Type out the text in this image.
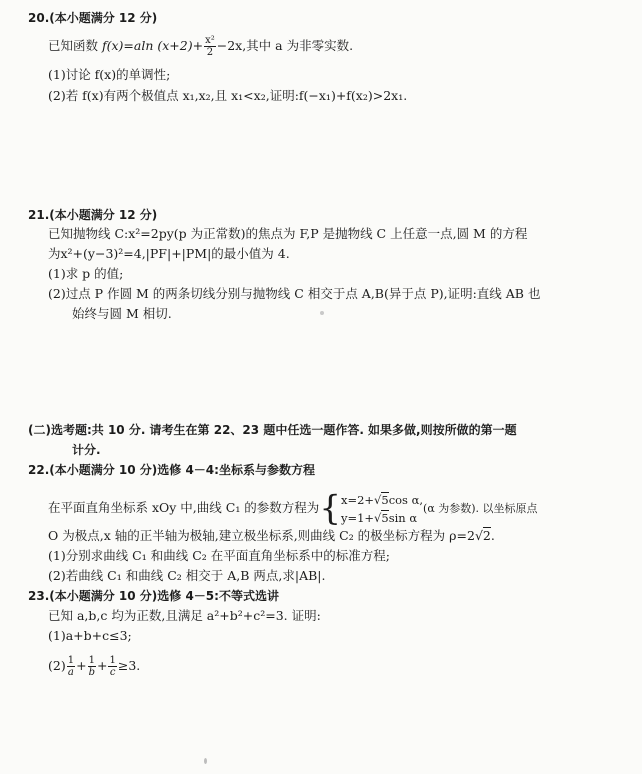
20.(本小题满分 12 分)
已知函数 f(x)=aln $(x+2)+ \frac{\text{x²}}{2} -2x$,其中 a 为非零实数.
(1)讨论 f(x)的单调性;
(2)若 f(x)有两个极值点 x₁,x₂,且 x₁<x₂,证明:f(−x₁)+f(x₂)>2x₁.
21.(本小题满分 12 分)
已知抛物线 C:x²=2py(p 为正常数)的焦点为 F,P 是抛物线 C 上任意一点,圆 M 的方程
为x²+(y−3)²=4,|PF|+|PM|的最小值为 4.
(1)求 p 的值;
(2)过点 P 作圆 M 的两条切线分别与抛物线 C 相交于点 A,B(异于点 P),证明:直线 AB 也
始终与圆 M 相切.
(二)选考题:共 10 分. 请考生在第 22、23 题中任选一题作答. 如果多做,则按所做的第一题
计分.
22.(本小题满分 10 分)选修 4－4:坐标系与参数方程
在平面直角坐标系 xOy 中,曲线 C₁ 的参数方程为{ x=2+√5cos α,
y=1+√5sin α
(α 为参数). 以坐标原点
O 为极点,x 轴的正半轴为极轴,建立极坐标系,则曲线 C₂ 的极坐标方程为 ρ=2√2.
(1)分别求曲线 C₁ 和曲线 C₂ 在平面直角坐标系中的标准方程;
(2)若曲线 C₁ 和曲线 C₂ 相交于 A,B 两点,求|AB|.
23.(本小题满分 10 分)选修 4－5:不等式选讲
已知 a,b,c 均为正数,且满足 a²+b²+c²=3. 证明:
(1)a+b+c≤3;
$(2) \frac{1}{a} + \frac{1}{b} + \frac{1}{c} \ge 3$.
